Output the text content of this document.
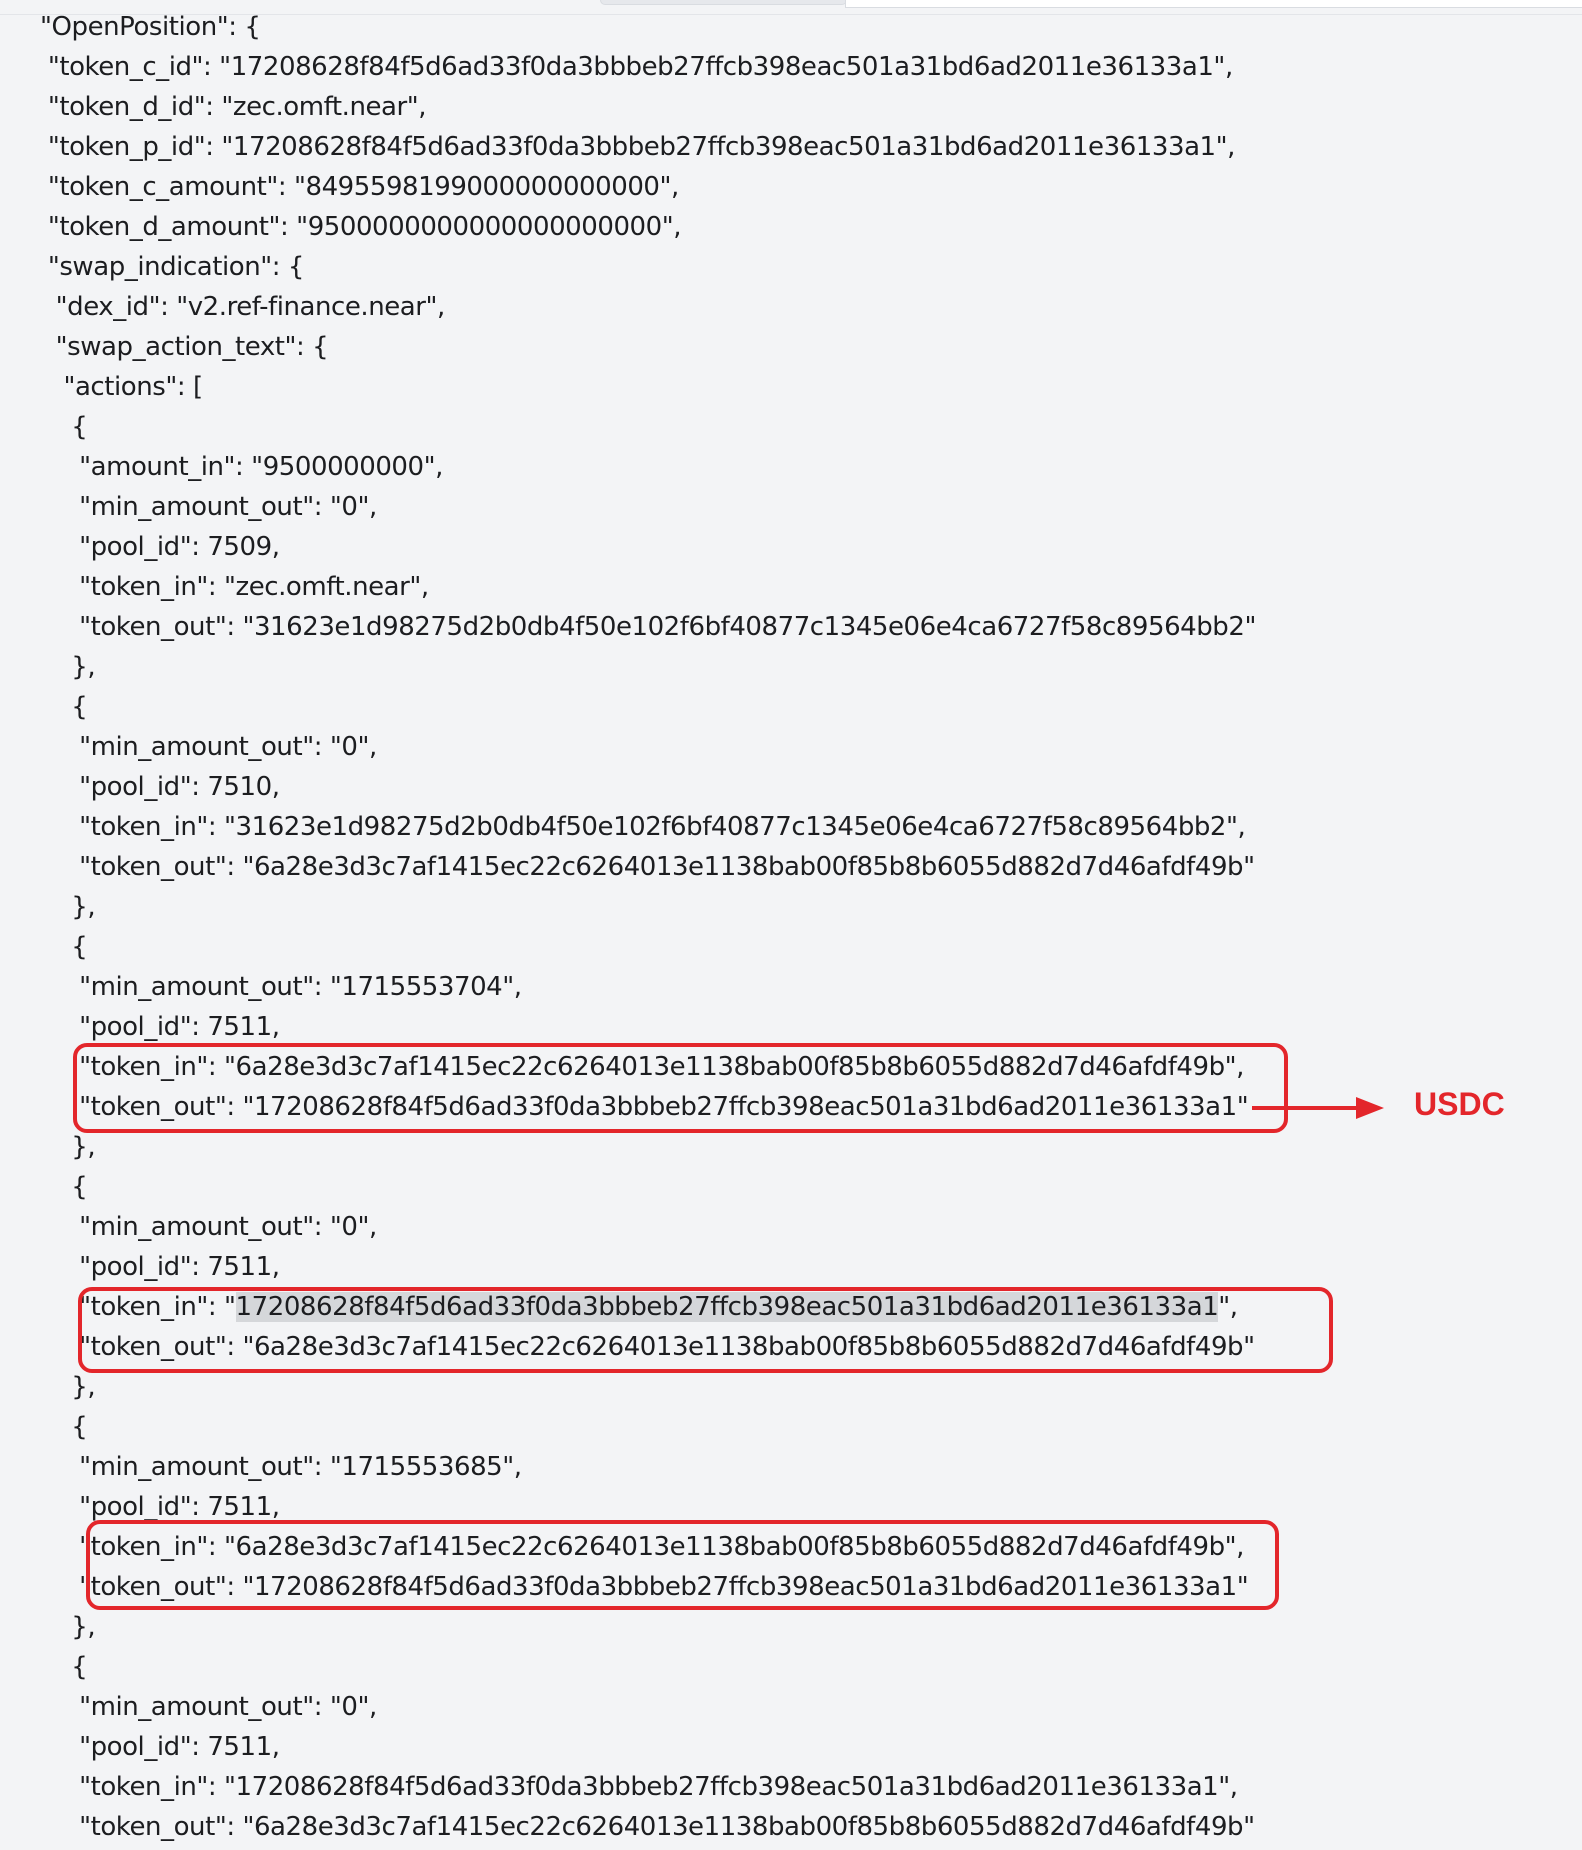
"OpenPosition": {
"token_c_id": "17208628f84f5d6ad33f0da3bbbeb27ffcb398eac501a31bd6ad2011e36133a1",
"token_d_id": "zec.omft.near",
"token_p_id": "17208628f84f5d6ad33f0da3bbbeb27ffcb398eac501a31bd6ad2011e36133a1",
"token_c_amount": "8495598199000000000000",
"token_d_amount": "9500000000000000000000",
"swap_indication": {
"dex_id": "v2.ref-finance.near",
"swap_action_text": {
"actions": [
{
"amount_in": "9500000000",
"min_amount_out": "0",
"pool_id": 7509,
"token_in": "zec.omft.near",
"token_out": "31623e1d98275d2b0db4f50e102f6bf40877c1345e06e4ca6727f58c89564bb2"
},
{
"min_amount_out": "0",
"pool_id": 7510,
"token_in": "31623e1d98275d2b0db4f50e102f6bf40877c1345e06e4ca6727f58c89564bb2",
"token_out": "6a28e3d3c7af1415ec22c6264013e1138bab00f85b8b6055d882d7d46afdf49b"
},
{
"min_amount_out": "1715553704",
"pool_id": 7511,
"token_in": "6a28e3d3c7af1415ec22c6264013e1138bab00f85b8b6055d882d7d46afdf49b",
"token_out": "17208628f84f5d6ad33f0da3bbbeb27ffcb398eac501a31bd6ad2011e36133a1"
},
{
"min_amount_out": "0",
"pool_id": 7511,
"token_in": "17208628f84f5d6ad33f0da3bbbeb27ffcb398eac501a31bd6ad2011e36133a1",
"token_out": "6a28e3d3c7af1415ec22c6264013e1138bab00f85b8b6055d882d7d46afdf49b"
},
{
"min_amount_out": "1715553685",
"pool_id": 7511,
"token_in": "6a28e3d3c7af1415ec22c6264013e1138bab00f85b8b6055d882d7d46afdf49b",
"token_out": "17208628f84f5d6ad33f0da3bbbeb27ffcb398eac501a31bd6ad2011e36133a1"
},
{
"min_amount_out": "0",
"pool_id": 7511,
"token_in": "17208628f84f5d6ad33f0da3bbbeb27ffcb398eac501a31bd6ad2011e36133a1",
"token_out": "6a28e3d3c7af1415ec22c6264013e1138bab00f85b8b6055d882d7d46afdf49b"
USDC
